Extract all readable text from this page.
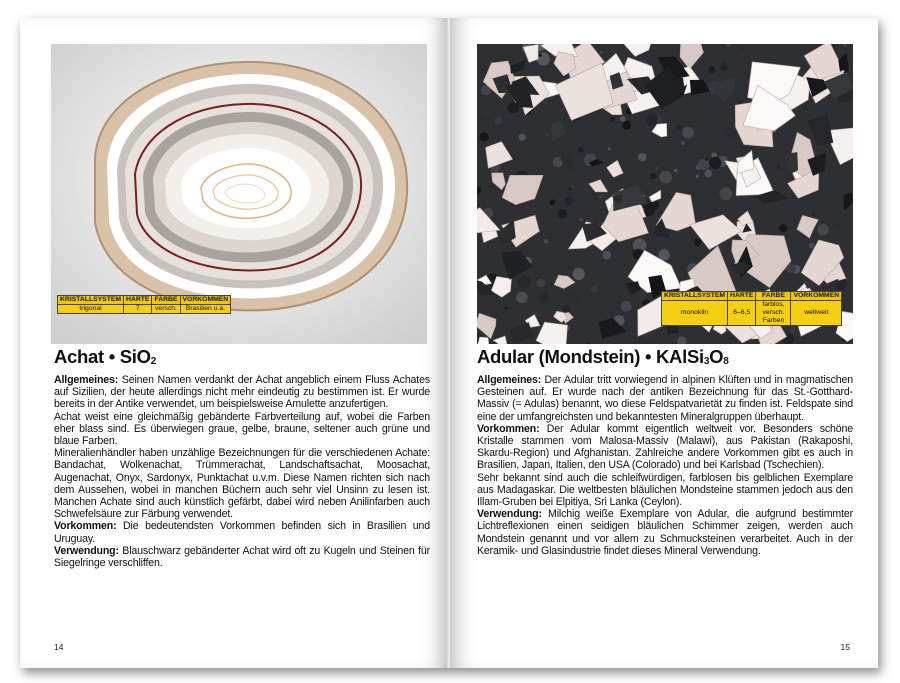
KRISTALLSYSTEM	HÄRTE	FARBE	VORKOMMEN
trigonal	7	versch.	Brasilien u.a.
Achat • SiO$_2$

Allgemeines: Seinen Namen verdankt der Achat angeblich einem Fluss Achates auf Sizilien, der heute allerdings nicht mehr eindeutig zu bestimmen ist. Er wurde bereits in der Antike verwendet, um beispielsweise Amulette anzufertigen.

Achat weist eine gleichmäßig gebänderte Farbverteilung auf, wobei die Farben eher blass sind. Es überwiegen graue, gelbe, braune, seltener auch grüne und blaue Farben.

Mineralienhändler haben unzählige Bezeichnungen für die verschiedenen Achate: Bandachat, Wolkenachat, Trümmerachat, Landschaftsachat, Moosachat, Augenachat, Onyx, Sardonyx, Punktachat u.v.m. Diese Namen richten sich nach dem Aussehen, wobei in manchen Büchern auch sehr viel Unsinn zu lesen ist. Manchen Achate sind auch künstlich gefärbt, dabei wird neben Anilinfarben auch Schwefelsäure zur Färbung verwendet.

Vorkommen: Die bedeutendsten Vorkommen befinden sich in Brasilien und Uruguay.

Verwendung: Blauschwarz gebänderter Achat wird oft zu Kugeln und Steinen für Siegelringe verschliffen.

14
KRISTALLSYSTEM	HÄRTE	FARBE	VORKOMMEN
monoklin	6–6,5	farblos, versch. Farben	weltweit
Adular (Mondstein) • $KAlSi_3O_8$

Allgemeines: Der Adular tritt vorwiegend in alpinen Klüften und in magmatischen Gesteinen auf. Er wurde nach der antiken Bezeichnung für das St.-Gotthard-Massiv (= Adulas) benannt, wo diese Feldspatvarietät zu finden ist. Feldspate sind eine der umfangreichsten und bekanntesten Mineralgruppen überhaupt.

Vorkommen: Der Adular kommt eigentlich weltweit vor. Besonders schöne Kristalle stammen vom Malosa-Massiv (Malawi), aus Pakistan (Rakaposhi, Skardu-Region) und Afghanistan. Zahlreiche andere Vorkommen gibt es auch in Brasilien, Japan, Italien, den USA (Colorado) und bei Karlsbad (Tschechien).

Sehr bekannt sind auch die schleifwürdigen, farblosen bis gelblichen Exemplare aus Madagaskar. Die weltbesten bläulichen Mondsteine stammen jedoch aus den Illam-Gruben bei Elpitiya, Sri Lanka (Ceylon).

Verwendung: Milchig weiße Exemplare von Adular, die aufgrund bestimmter Lichtreflexionen einen seidigen bläulichen Schimmer zeigen, werden auch Mondstein genannt und vor allem zu Schmucksteinen verarbeitet. Auch in der Keramik- und Glasindustrie findet dieses Mineral Verwendung.

15
